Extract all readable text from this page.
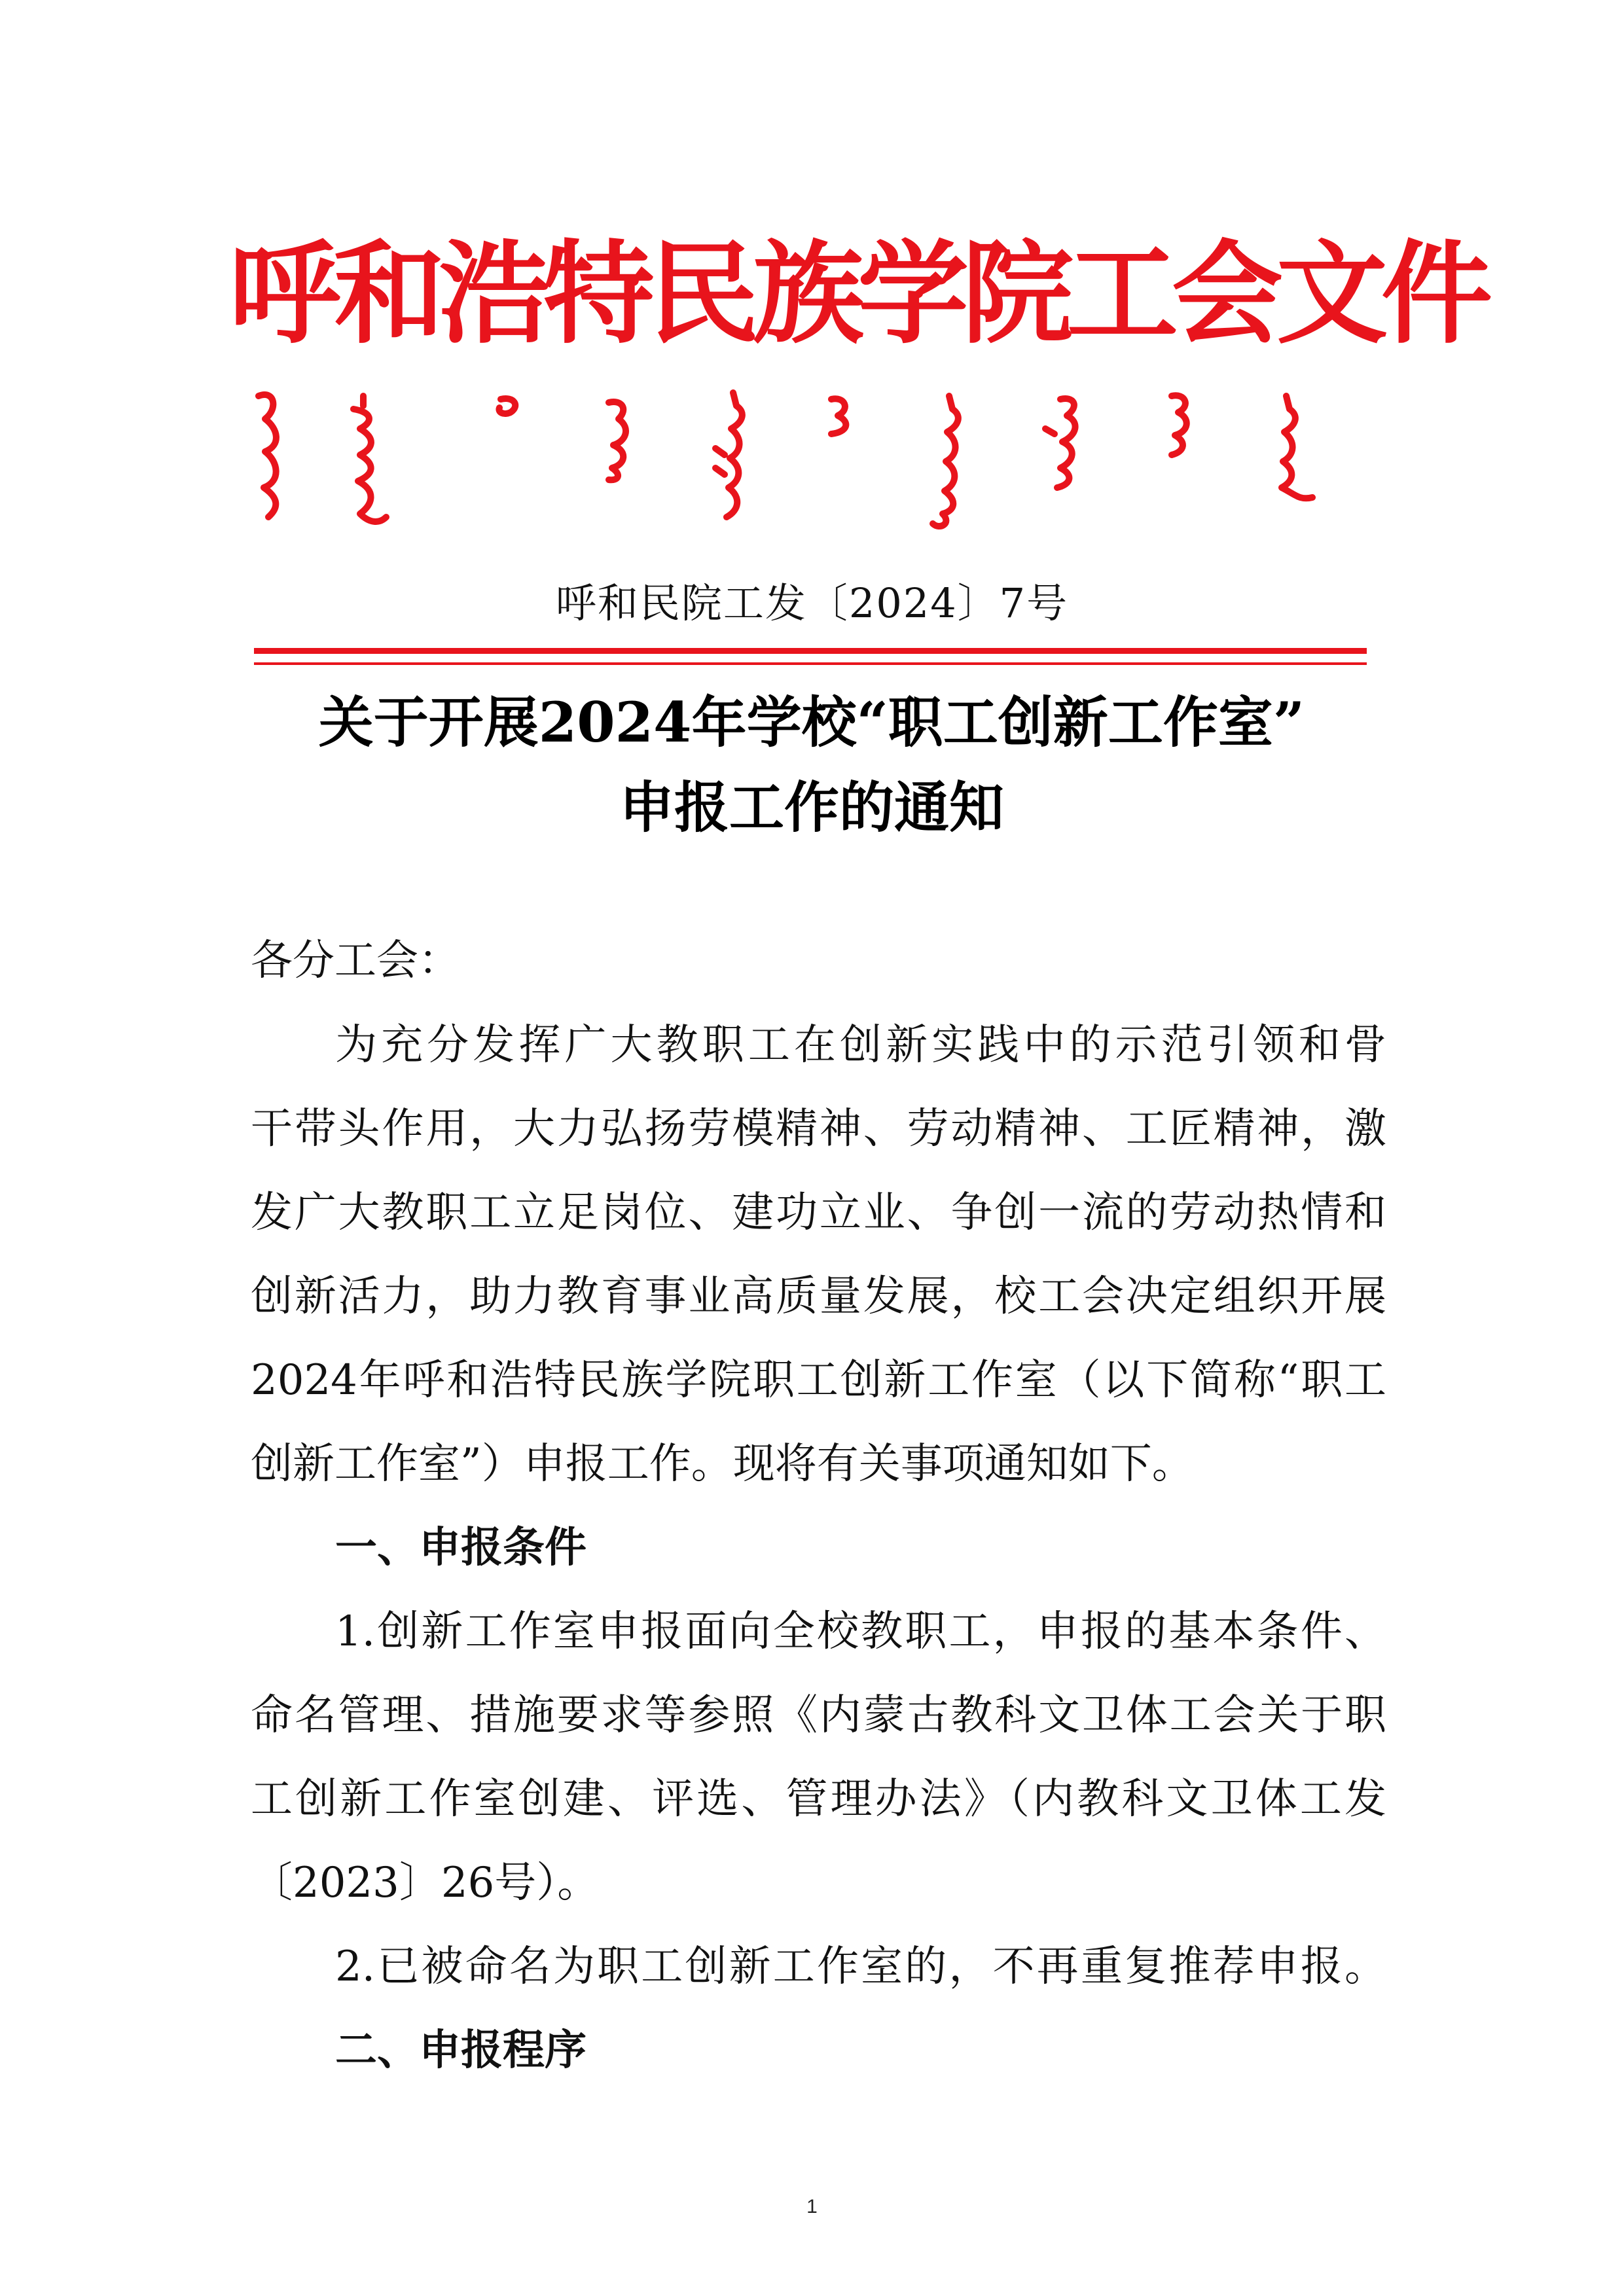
呼
和
浩
特
民
族
学
院
工
会
文
件
呼和民院工发〔2024〕7号
关于开展2024年学校“职工创新工作室”
申报工作的通知
各分工会：
为充分发挥广大教职工在创新实践中的示范引领和骨
干带头作用，大力弘扬劳模精神、劳动精神、工匠精神，激
发广大教职工立足岗位、建功立业、争创一流的劳动热情和
创新活力，助力教育事业高质量发展，校工会决定组织开展
2024年呼和浩特民族学院职工创新工作室（以下简称“职工
创新工作室”）申报工作。现将有关事项通知如下。
一、申报条件
1.创新工作室申报面向全校教职工，申报的基本条件、
命名管理、措施要求等参照《内蒙古教科文卫体工会关于职
工创新工作室创建、评选、管理办法》（内教科文卫体工发
〔2023〕26号）。
2.已被命名为职工创新工作室的，不再重复推荐申报。
二、申报程序
1
